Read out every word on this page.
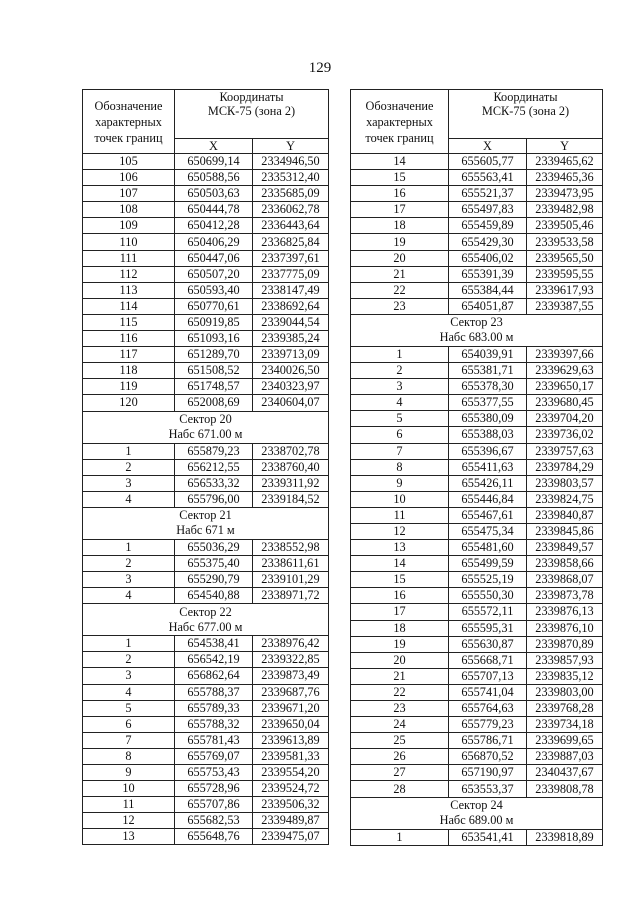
129
Обозначение
характерных
точек границ	Координаты
МСК-75 (зона 2)	
	X	Y
105	650699,14	2334946,50
106	650588,56	2335312,40
107	650503,63	2335685,09
108	650444,78	2336062,78
109	650412,28	2336443,64
110	650406,29	2336825,84
111	650447,06	2337397,61
112	650507,20	2337775,09
113	650593,40	2338147,49
114	650770,61	2338692,64
115	650919,85	2339044,54
116	651093,16	2339385,24
117	651289,70	2339713,09
118	651508,52	2340026,50
119	651748,57	2340323,97
120	652008,69	2340604,07
Сектор 20
Набс 671.00 м		
1	655879,23	2338702,78
2	656212,55	2338760,40
3	656533,32	2339311,92
4	655796,00	2339184,52
Сектор 21
Набс 671 м		
1	655036,29	2338552,98
2	655375,40	2338611,61
3	655290,79	2339101,29
4	654540,88	2338971,72
Сектор 22
Набс 677.00 м		
1	654538,41	2338976,42
2	656542,19	2339322,85
3	656862,64	2339873,49
4	655788,37	2339687,76
5	655789,33	2339671,20
6	655788,32	2339650,04
7	655781,43	2339613,89
8	655769,07	2339581,33
9	655753,43	2339554,20
10	655728,96	2339524,72
11	655707,86	2339506,32
12	655682,53	2339489,87
13	655648,76	2339475,07
Обозначение
характерных
точек границ	Координаты
МСК-75 (зона 2)	
	X	Y
14	655605,77	2339465,62
15	655563,41	2339465,36
16	655521,37	2339473,95
17	655497,83	2339482,98
18	655459,89	2339505,46
19	655429,30	2339533,58
20	655406,02	2339565,50
21	655391,39	2339595,55
22	655384,44	2339617,93
23	654051,87	2339387,55
Сектор 23
Набс 683.00 м		
1	654039,91	2339397,66
2	655381,71	2339629,63
3	655378,30	2339650,17
4	655377,55	2339680,45
5	655380,09	2339704,20
6	655388,03	2339736,02
7	655396,67	2339757,63
8	655411,63	2339784,29
9	655426,11	2339803,57
10	655446,84	2339824,75
11	655467,61	2339840,87
12	655475,34	2339845,86
13	655481,60	2339849,57
14	655499,59	2339858,66
15	655525,19	2339868,07
16	655550,30	2339873,78
17	655572,11	2339876,13
18	655595,31	2339876,10
19	655630,87	2339870,89
20	655668,71	2339857,93
21	655707,13	2339835,12
22	655741,04	2339803,00
23	655764,63	2339768,28
24	655779,23	2339734,18
25	655786,71	2339699,65
26	656870,52	2339887,03
27	657190,97	2340437,67
28	653553,37	2339808,78
Сектор 24
Набс 689.00 м		
1	653541,41	2339818,89
